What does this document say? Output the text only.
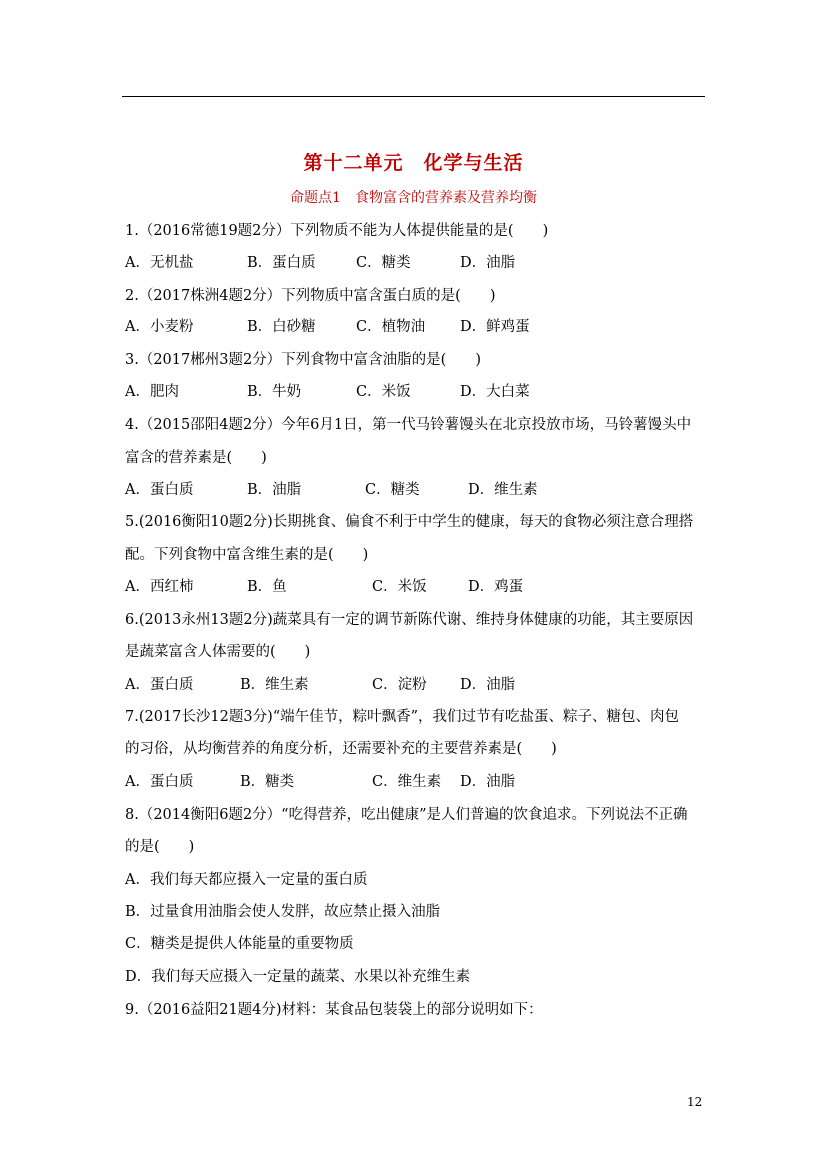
第十二单元　化学与生活
命题点1　食物富含的营养素及营养均衡
1.（2016常德19题2分）下列物质不能为人体提供能量的是(　　)
A．无机盐	B．蛋白质	C．糖类	D．油脂
2.（2017株洲4题2分）下列物质中富含蛋白质的是(　　)
A．小麦粉	B．白砂糖	C．植物油 D．鲜鸡蛋
3.（2017郴州3题2分）下列食物中富含油脂的是(　　)
A．肥肉	B．牛奶	C．米饭	D．大白菜
4.（2015邵阳4题2分）今年6月1日，第一代马铃薯馒头在北京投放市场，马铃薯馒头中
富含的营养素是(　　)
A．蛋白质	B．油脂	C．糖类	D．维生素
5.(2016衡阳10题2分)长期挑食、偏食不利于中学生的健康，每天的食物必须注意合理搭
配。下列食物中富含维生素的是(　　)
A．西红柿	B．鱼	C．米饭	D．鸡蛋
6.(2013永州13题2分)蔬菜具有一定的调节新陈代谢、维持身体健康的功能，其主要原因
是蔬菜富含人体需要的(　　)
A．蛋白质	B．维生素	C．淀粉 D．油脂
7.(2017长沙12题3分)“端午佳节，粽叶飘香”，我们过节有吃盐蛋、粽子、糖包、肉包
的习俗，从均衡营养的角度分析，还需要补充的主要营养素是(　　)
A．蛋白质	B．糖类	C．维生素 D．油脂
8.（2014衡阳6题2分）“吃得营养，吃出健康”是人们普遍的饮食追求。下列说法不正确
的是(　　)
A．我们每天都应摄入一定量的蛋白质
B．过量食用油脂会使人发胖，故应禁止摄入油脂
C．糖类是提供人体能量的重要物质
D．我们每天应摄入一定量的蔬菜、水果以补充维生素
9.（2016益阳21题4分)材料：某食品包装袋上的部分说明如下：
12
